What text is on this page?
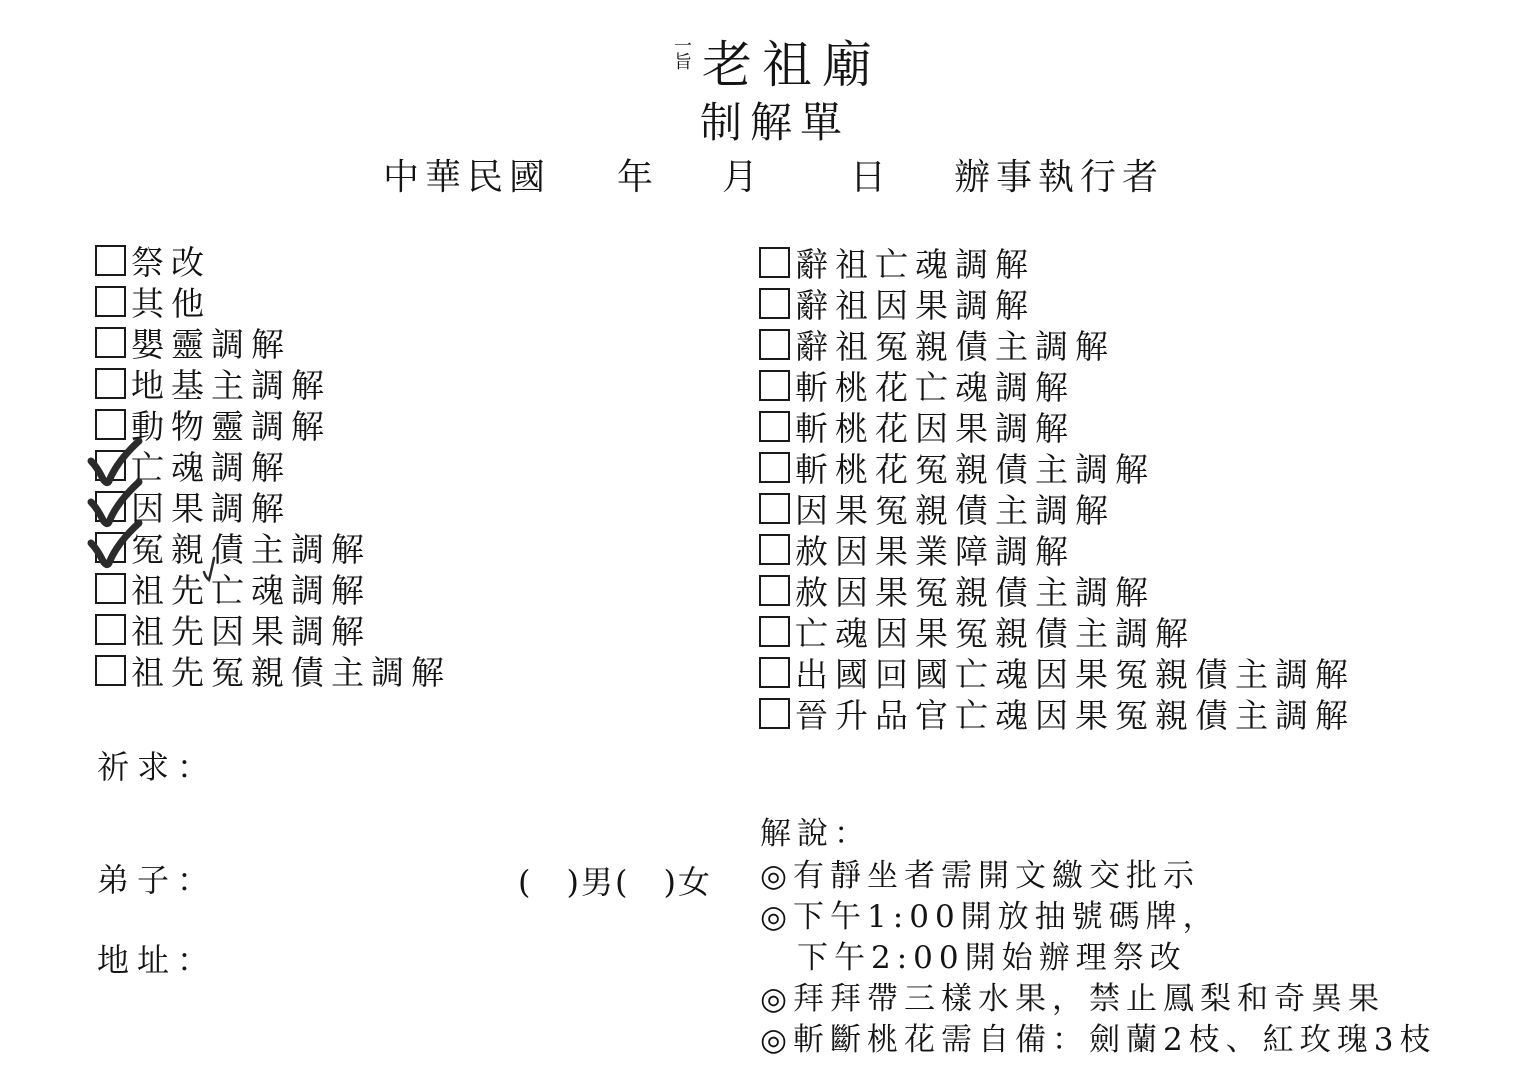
一
旨 老祖廟
制解單
中華民國 年 月	日 辦事執行者
祭改
其他
嬰靈調解
地基主調解
動物靈調解
亡魂調解
因果調解
冤親債主調解
祖先亡魂調解
祖先因果調解
祖先冤親債主調解
辭祖亡魂調解
辭祖因果調解
辭祖冤親債主調解
斬桃花亡魂調解
斬桃花因果調解
斬桃花冤親債主調解
因果冤親債主調解
赦因果業障調解
赦因果冤親債主調解
亡魂因果冤親債主調解
出國回國亡魂因果冤親債主調解
晉升品官亡魂因果冤親債主調解
祈求：
弟子：	(　)男(　)女
地址：
解說：
◎有靜坐者需開文繳交批示
◎下午1:00開放抽號碼牌，
　下午2:00開始辦理祭改
◎拜拜帶三樣水果，禁止鳳梨和奇異果
◎斬斷桃花需自備：劍蘭2枝、紅玫瑰3枝
